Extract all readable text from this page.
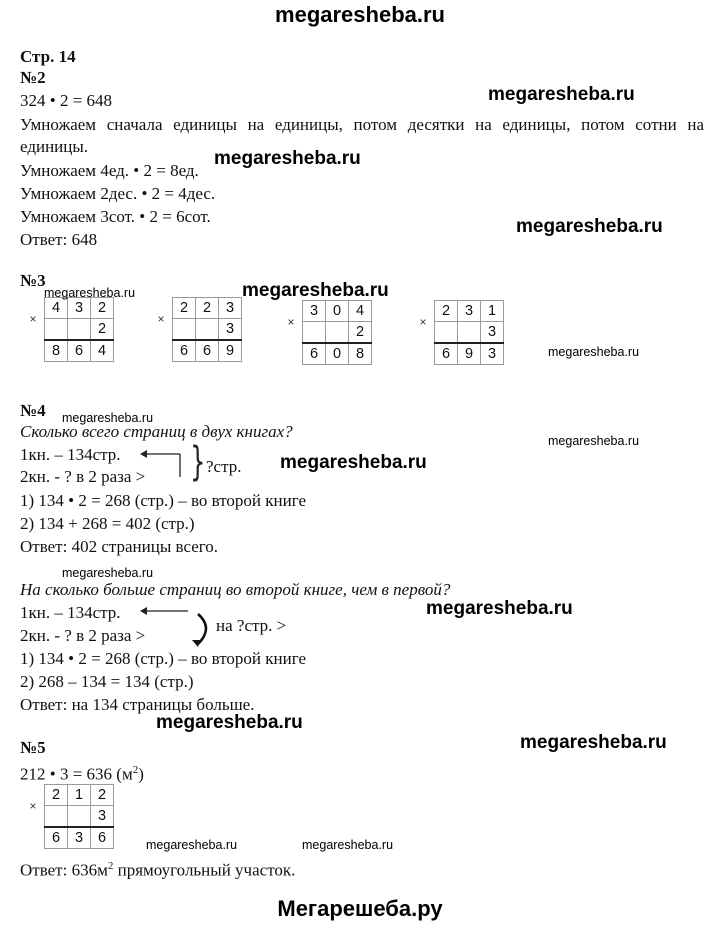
megaresheba.ru
Стр. 14
№2
324 • 2 = 648
Умножаем сначала единицы на единицы, потом десятки на единицы, потом сотни на единицы.
Умножаем 4ед. • 2 = 8ед.
Умножаем 2дес. • 2 = 4дес.
Умножаем 3сот. • 2 = 6сот.
Ответ: 648
№3
×	4	3	2
			2
	8	6	4
×	2	2	3
			3
	6	6	9
×	3	0	4
			2
	6	0	8
×	2	3	1
			3
	6	9	3
№4
Сколько всего страниц в двух книгах?
1кн. – 134стр.
2кн. - ? в 2 раза > } ?стр.
1) 134 • 2 = 268 (стр.) – во второй книге
2) 134 + 268 = 402 (стр.)
Ответ: 402 страницы всего.
На сколько больше страниц во второй книге, чем в первой?
1кн. – 134стр.
2кн. - ? в 2 раза >
на ?стр. >
1) 134 • 2 = 268 (стр.) – во второй книге
2) 268 – 134 = 134 (стр.)
Ответ: на 134 страницы больше.
№5
212 • 3 = 636 $(м^2)$
×	2	1	2
			3
	6	3	6
Ответ: $636м^2$ прямоугольный участок.
megaresheba.ru
megaresheba.ru
megaresheba.ru
megaresheba.ru	megaresheba.ru
megaresheba.ru
megaresheba.ru
megaresheba.ru
megaresheba.ru
megaresheba.ru
megaresheba.ru
megaresheba.ru
megaresheba.ru
megaresheba.ru	megaresheba.ru
Мегарешеба.ру
